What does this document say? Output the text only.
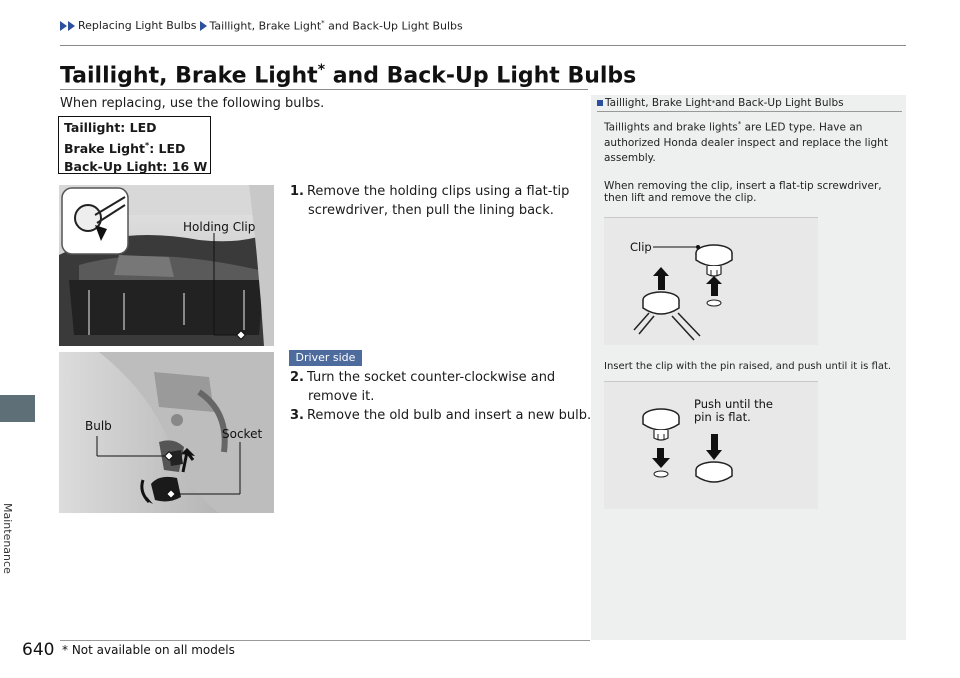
Replacing Light Bulbs Taillight, Brake Light* and Back-Up Light Bulbs
Maintenance
Taillight, Brake Light* and Back-Up Light Bulbs
When replacing, use the following bulbs.
Taillight: LED
Brake Light*: LED
Back-Up Light: 16 W
Holding Clip
Bulb
Socket
1. Remove the holding clips using a flat-tip
screwdriver, then pull the lining back.
Driver side
2. Turn the socket counter-clockwise and
remove it.
3. Remove the old bulb and insert a new bulb.
Taillight, Brake Light * and Back-Up Light Bulbs
Taillights and brake lights* are LED type. Have an
authorized Honda dealer inspect and replace the light
assembly.
When removing the clip, insert a flat-tip screwdriver,
then lift and remove the clip.
Clip
Insert the clip with the pin raised, and push until it is flat.
Push until the
pin is flat.
640 * Not available on all models
